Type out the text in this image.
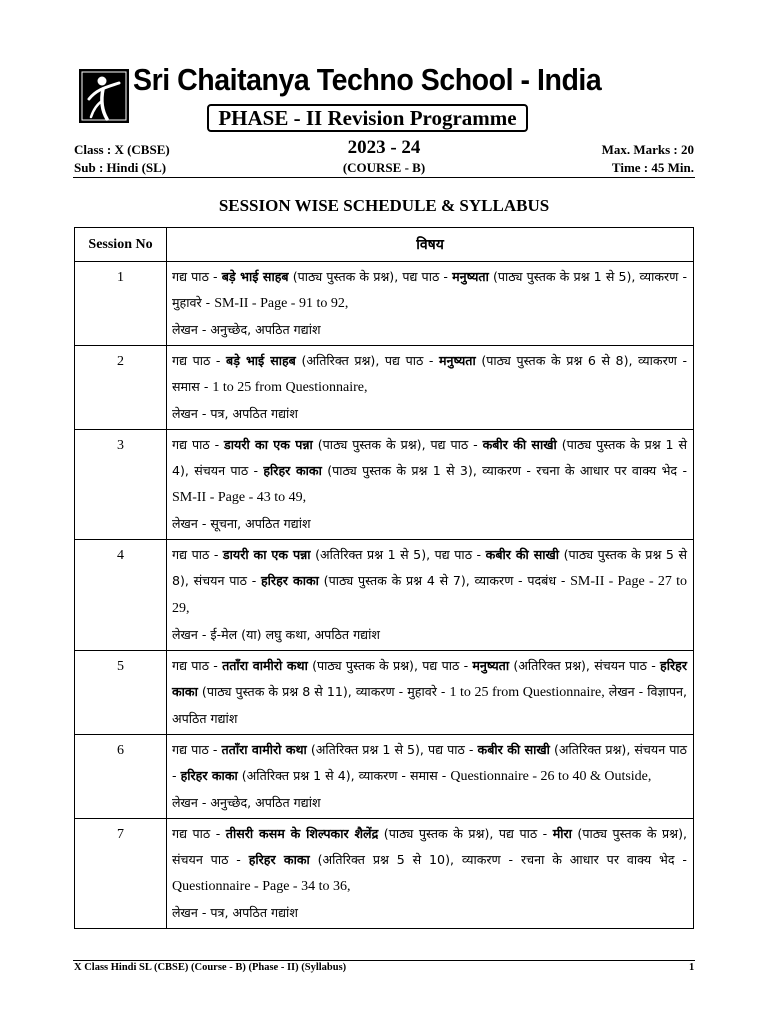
Sri Chaitanya Techno School - India
PHASE - II Revision Programme
Class : X (CBSE)
Sub : Hindi (SL)
2023 - 24
(COURSE - B)
Max. Marks : 20
Time : 45 Min.
SESSION WISE SCHEDULE & SYLLABUS
Session No	विषय
1	गद्य पाठ - बड़े भाई साहब (पाठ्य पुस्तक के प्रश्न), पद्य पाठ - मनुष्यता (पाठ्य पुस्तक के प्रश्न 1 से 5), व्याकरण - मुहावरे - SM-II - Page - 91 to 92,
लेखन - अनुच्छेद, अपठित गद्यांश
2	गद्य पाठ - बड़े भाई साहब (अतिरिक्त प्रश्न), पद्य पाठ - मनुष्यता (पाठ्य पुस्तक के प्रश्न 6 से 8), व्याकरण - समास - 1 to 25 from Questionnaire,
लेखन - पत्र, अपठित गद्यांश
3	गद्य पाठ - डायरी का एक पन्ना (पाठ्य पुस्तक के प्रश्न), पद्य पाठ - कबीर की साखी (पाठ्य पुस्तक के प्रश्न 1 से 4), संचयन पाठ - हरिहर काका (पाठ्य पुस्तक के प्रश्न 1 से 3), व्याकरण - रचना के आधार पर वाक्य भेद - SM-II - Page - 43 to 49,
लेखन - सूचना, अपठित गद्यांश
4	गद्य पाठ - डायरी का एक पन्ना (अतिरिक्त प्रश्न 1 से 5), पद्य पाठ - कबीर की साखी (पाठ्य पुस्तक के प्रश्न 5 से 8), संचयन पाठ - हरिहर काका (पाठ्य पुस्तक के प्रश्न 4 से 7), व्याकरण - पदबंध - SM-II - Page - 27 to 29,
लेखन - ई-मेल (या) लघु कथा, अपठित गद्यांश
5	गद्य पाठ - तताँरा वामीरो कथा (पाठ्य पुस्तक के प्रश्न), पद्य पाठ - मनुष्यता (अतिरिक्त प्रश्न), संचयन पाठ - हरिहर काका (पाठ्य पुस्तक के प्रश्न 8 से 11), व्याकरण - मुहावरे - 1 to 25 from Questionnaire, लेखन - विज्ञापन, अपठित गद्यांश
6	गद्य पाठ - तताँरा वामीरो कथा (अतिरिक्त प्रश्न 1 से 5), पद्य पाठ - कबीर की साखी (अतिरिक्त प्रश्न), संचयन पाठ - हरिहर काका (अतिरिक्त प्रश्न 1 से 4), व्याकरण - समास - Questionnaire - 26 to 40 & Outside,
लेखन - अनुच्छेद, अपठित गद्यांश
7	गद्य पाठ - तीसरी कसम के शिल्पकार शैलेंद्र (पाठ्य पुस्तक के प्रश्न), पद्य पाठ - मीरा (पाठ्य पुस्तक के प्रश्न), संचयन पाठ - हरिहर काका (अतिरिक्त प्रश्न 5 से 10), व्याकरण - रचना के आधार पर वाक्य भेद - Questionnaire - Page - 34 to 36,
लेखन - पत्र, अपठित गद्यांश
X Class Hindi SL (CBSE) (Course - B) (Phase - II) (Syllabus)	1
